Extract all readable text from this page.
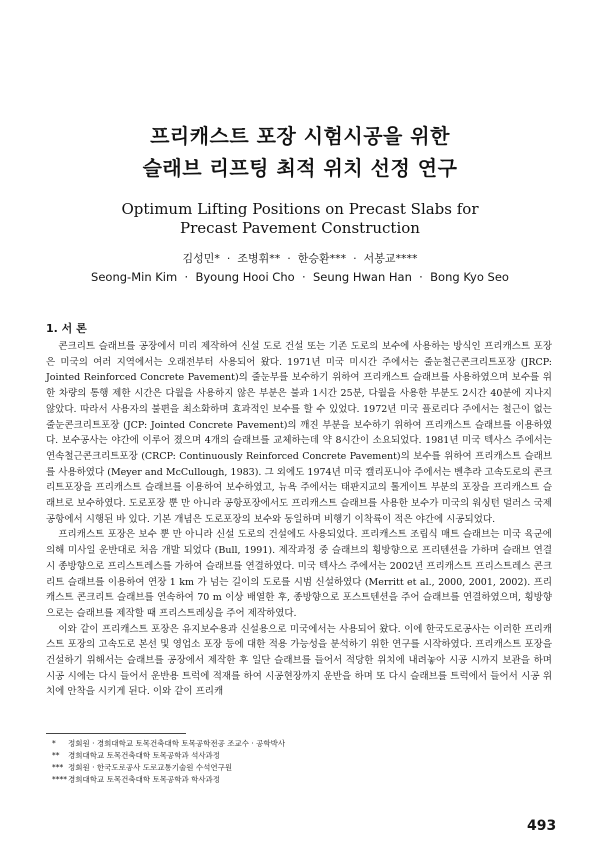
프리캐스트 포장 시험시공을 위한
슬래브 리프팅 최적 위치 선정 연구
Optimum Lifting Positions on Precast Slabs for
Precast Pavement Construction
김성민*  ·  조병휘**  ·  한승환***  ·  서봉교****
Seong-Min Kim  ·  Byoung Hooi Cho  ·  Seung Hwan Han  ·  Bong Kyo Seo
1. 서 론

콘크리트 슬래브를 공장에서 미리 제작하여 신설 도로 건설 또는 기존 도로의 보수에 사용하는 방식인 프리캐스트 포장은 미국의 여러 지역에서는 오래전부터 사용되어 왔다. 1971년 미국 미시간 주에서는 줄눈철근콘크리트포장 (JRCP: Jointed Reinforced Concrete Pavement)의 줄눈부를 보수하기 위하여 프리캐스트 슬래브를 사용하였으며 보수를 위한 차량의 통행 제한 시간은 다월을 사용하지 않은 부분은 불과 1시간 25분, 다월을 사용한 부분도 2시간 40분에 지나지 않았다. 따라서 사용자의 불편을 최소화하며 효과적인 보수를 할 수 있었다. 1972년 미국 플로리다 주에서는 철근이 없는 줄눈콘크리트포장 (JCP: Jointed Concrete Pavement)의 깨진 부분을 보수하기 위하여 프리캐스트 슬래브를 이용하였다. 보수공사는 야간에 이루어 졌으며 4개의 슬래브를 교체하는데 약 8시간이 소요되었다. 1981년 미국 텍사스 주에서는 연속철근콘크리트포장 (CRCP: Continuously Reinforced Concrete Pavement)의 보수를 위하여 프리캐스트 슬래브를 사용하였다 (Meyer and McCullough, 1983). 그 외에도 1974년 미국 캘리포니아 주에서는 벤추라 고속도로의 콘크리트포장을 프리캐스트 슬래브를 이용하여 보수하였고, 뉴욕 주에서는 태판지교의 톨게이트 부분의 포장을 프리캐스트 슬래브로 보수하였다. 도로포장 뿐 만 아니라 공항포장에서도 프리캐스트 슬래브를 사용한 보수가 미국의 워싱턴 덜러스 국제공항에서 시행된 바 있다. 기본 개념은 도로포장의 보수와 동일하며 비행기 이착륙이 적은 야간에 시공되었다.

프리캐스트 포장은 보수 뿐 만 아니라 신설 도로의 건설에도 사용되었다. 프리캐스트 조립식 매트 슬래브는 미국 육군에 의해 미사일 운반대로 처음 개발 되었다 (Bull, 1991). 제작과정 중 슬래브의 횡방향으로 프리텐션을 가하며 슬래브 연결 시 종방향으로 프리스트레스를 가하여 슬래브를 연결하였다. 미국 텍사스 주에서는 2002년 프리캐스트 프리스트레스 콘크리트 슬래브를 이용하여 연장 1 km 가 넘는 길이의 도로를 시범 신설하였다 (Merritt et al., 2000, 2001, 2002). 프리캐스트 콘크리트 슬래브를 연속하여 70 m 이상 배열한 후, 종방향으로 포스트텐션을 주어 슬래브를 연결하였으며, 횡방향으로는 슬래브를 제작할 때 프리스트레싱을 주어 제작하였다.

이와 같이 프리캐스트 포장은 유지보수용과 신설용으로 미국에서는 사용되어 왔다. 이에 한국도로공사는 이러한 프리캐스트 포장의 고속도로 본선 및 영업소 포장 등에 대한 적용 가능성을 분석하기 위한 연구를 시작하였다. 프리캐스트 포장을 건설하기 위해서는 슬래브를 공장에서 제작한 후 일단 슬래브를 들어서 적당한 위치에 내려놓아 시공 시까지 보관을 하며 시공 시에는 다시 들어서 운반용 트럭에 적재를 하여 시공현장까지 운반을 하며 또 다시 슬래브를 트럭에서 들어서 시공 위치에 안착을 시키게 된다. 이와 같이 프리캐

* 정회원 · 경희대학교 토목건축대학 토목공학전공 조교수 · 공학박사
** 경희대학교 토목건축대학 토목공학과 석사과정
*** 정회원 · 한국도로공사 도로교통기술원 수석연구원
****경희대학교 토목건축대학 토목공학과 학사과정
493
